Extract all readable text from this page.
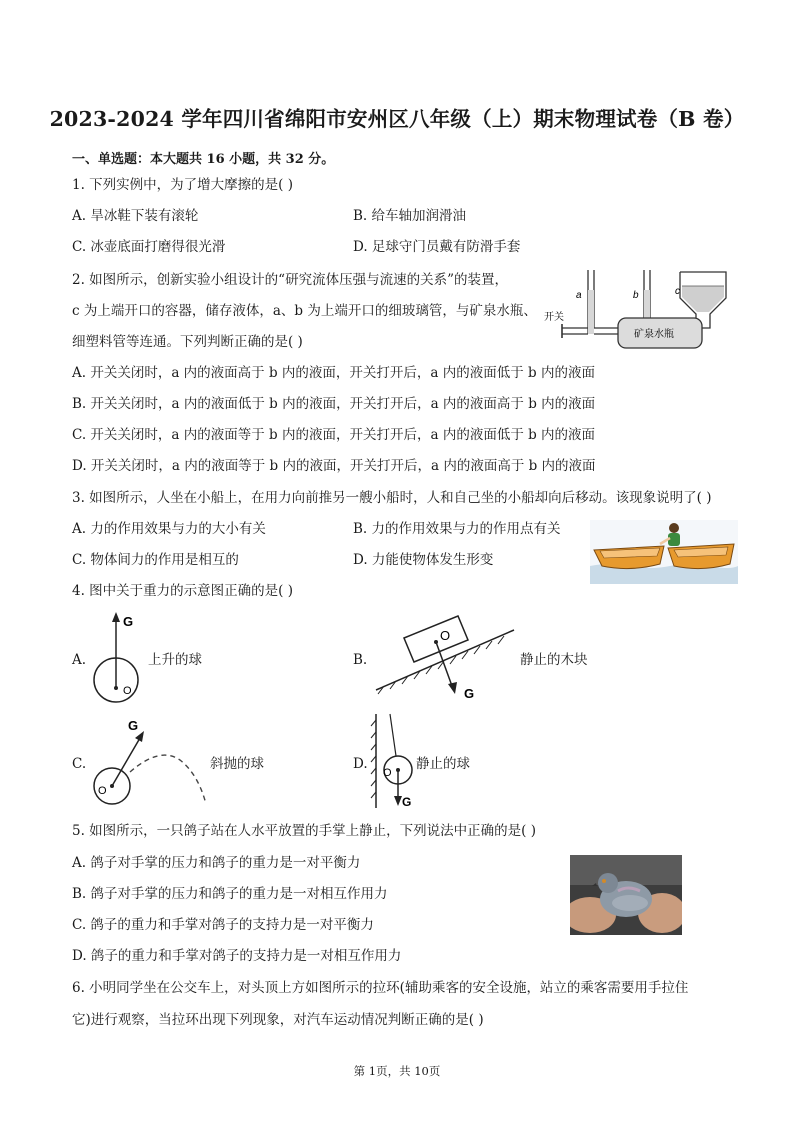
2023-2024 学年四川省绵阳市安州区八年级（上）期末物理试卷（B 卷）
一、单选题：本大题共 16 小题，共 32 分。
1. 下列实例中，为了增大摩擦的是( )
A. 旱冰鞋下装有滚轮	B. 给车轴加润滑油
C. 冰壶底面打磨得很光滑	D. 足球守门员戴有防滑手套
2. 如图所示，创新实验小组设计的“研究流体压强与流速的关系”的装置，
c 为上端开口的容器，储存液体，a、b 为上端开口的细玻璃管，与矿泉水瓶、
细塑料管等连通。下列判断正确的是( )
a	b	c
开关
矿泉水瓶
A. 开关关闭时，a 内的液面高于 b 内的液面，开关打开后，a 内的液面低于 b 内的液面
B. 开关关闭时，a 内的液面低于 b 内的液面，开关打开后，a 内的液面高于 b 内的液面
C. 开关关闭时，a 内的液面等于 b 内的液面，开关打开后，a 内的液面低于 b 内的液面
D. 开关关闭时，a 内的液面等于 b 内的液面，开关打开后，a 内的液面高于 b 内的液面
3. 如图所示，人坐在小船上，在用力向前推另一艘小船时，人和自己坐的小船却向后移动。该现象说明了( )
A. 力的作用效果与力的大小有关	B. 力的作用效果与力的作用点有关
C. 物体间力的作用是相互的	D. 力能使物体发生形变
4. 图中关于重力的示意图正确的是( )
A.
G
O
上升的球	B.
O
G
静止的木块
C.
G
O
斜抛的球	D.
O
G
静止的球
5. 如图所示，一只鸽子站在人水平放置的手掌上静止，下列说法中正确的是( )
A. 鸽子对手掌的压力和鸽子的重力是一对平衡力
B. 鸽子对手掌的压力和鸽子的重力是一对相互作用力
C. 鸽子的重力和手掌对鸽子的支持力是一对平衡力
D. 鸽子的重力和手掌对鸽子的支持力是一对相互作用力
6. 小明同学坐在公交车上，对头顶上方如图所示的拉环(辅助乘客的安全设施，站立的乘客需要用手拉住
它)进行观察，当拉环出现下列现象，对汽车运动情况判断正确的是( )
第 1页，共 10页
